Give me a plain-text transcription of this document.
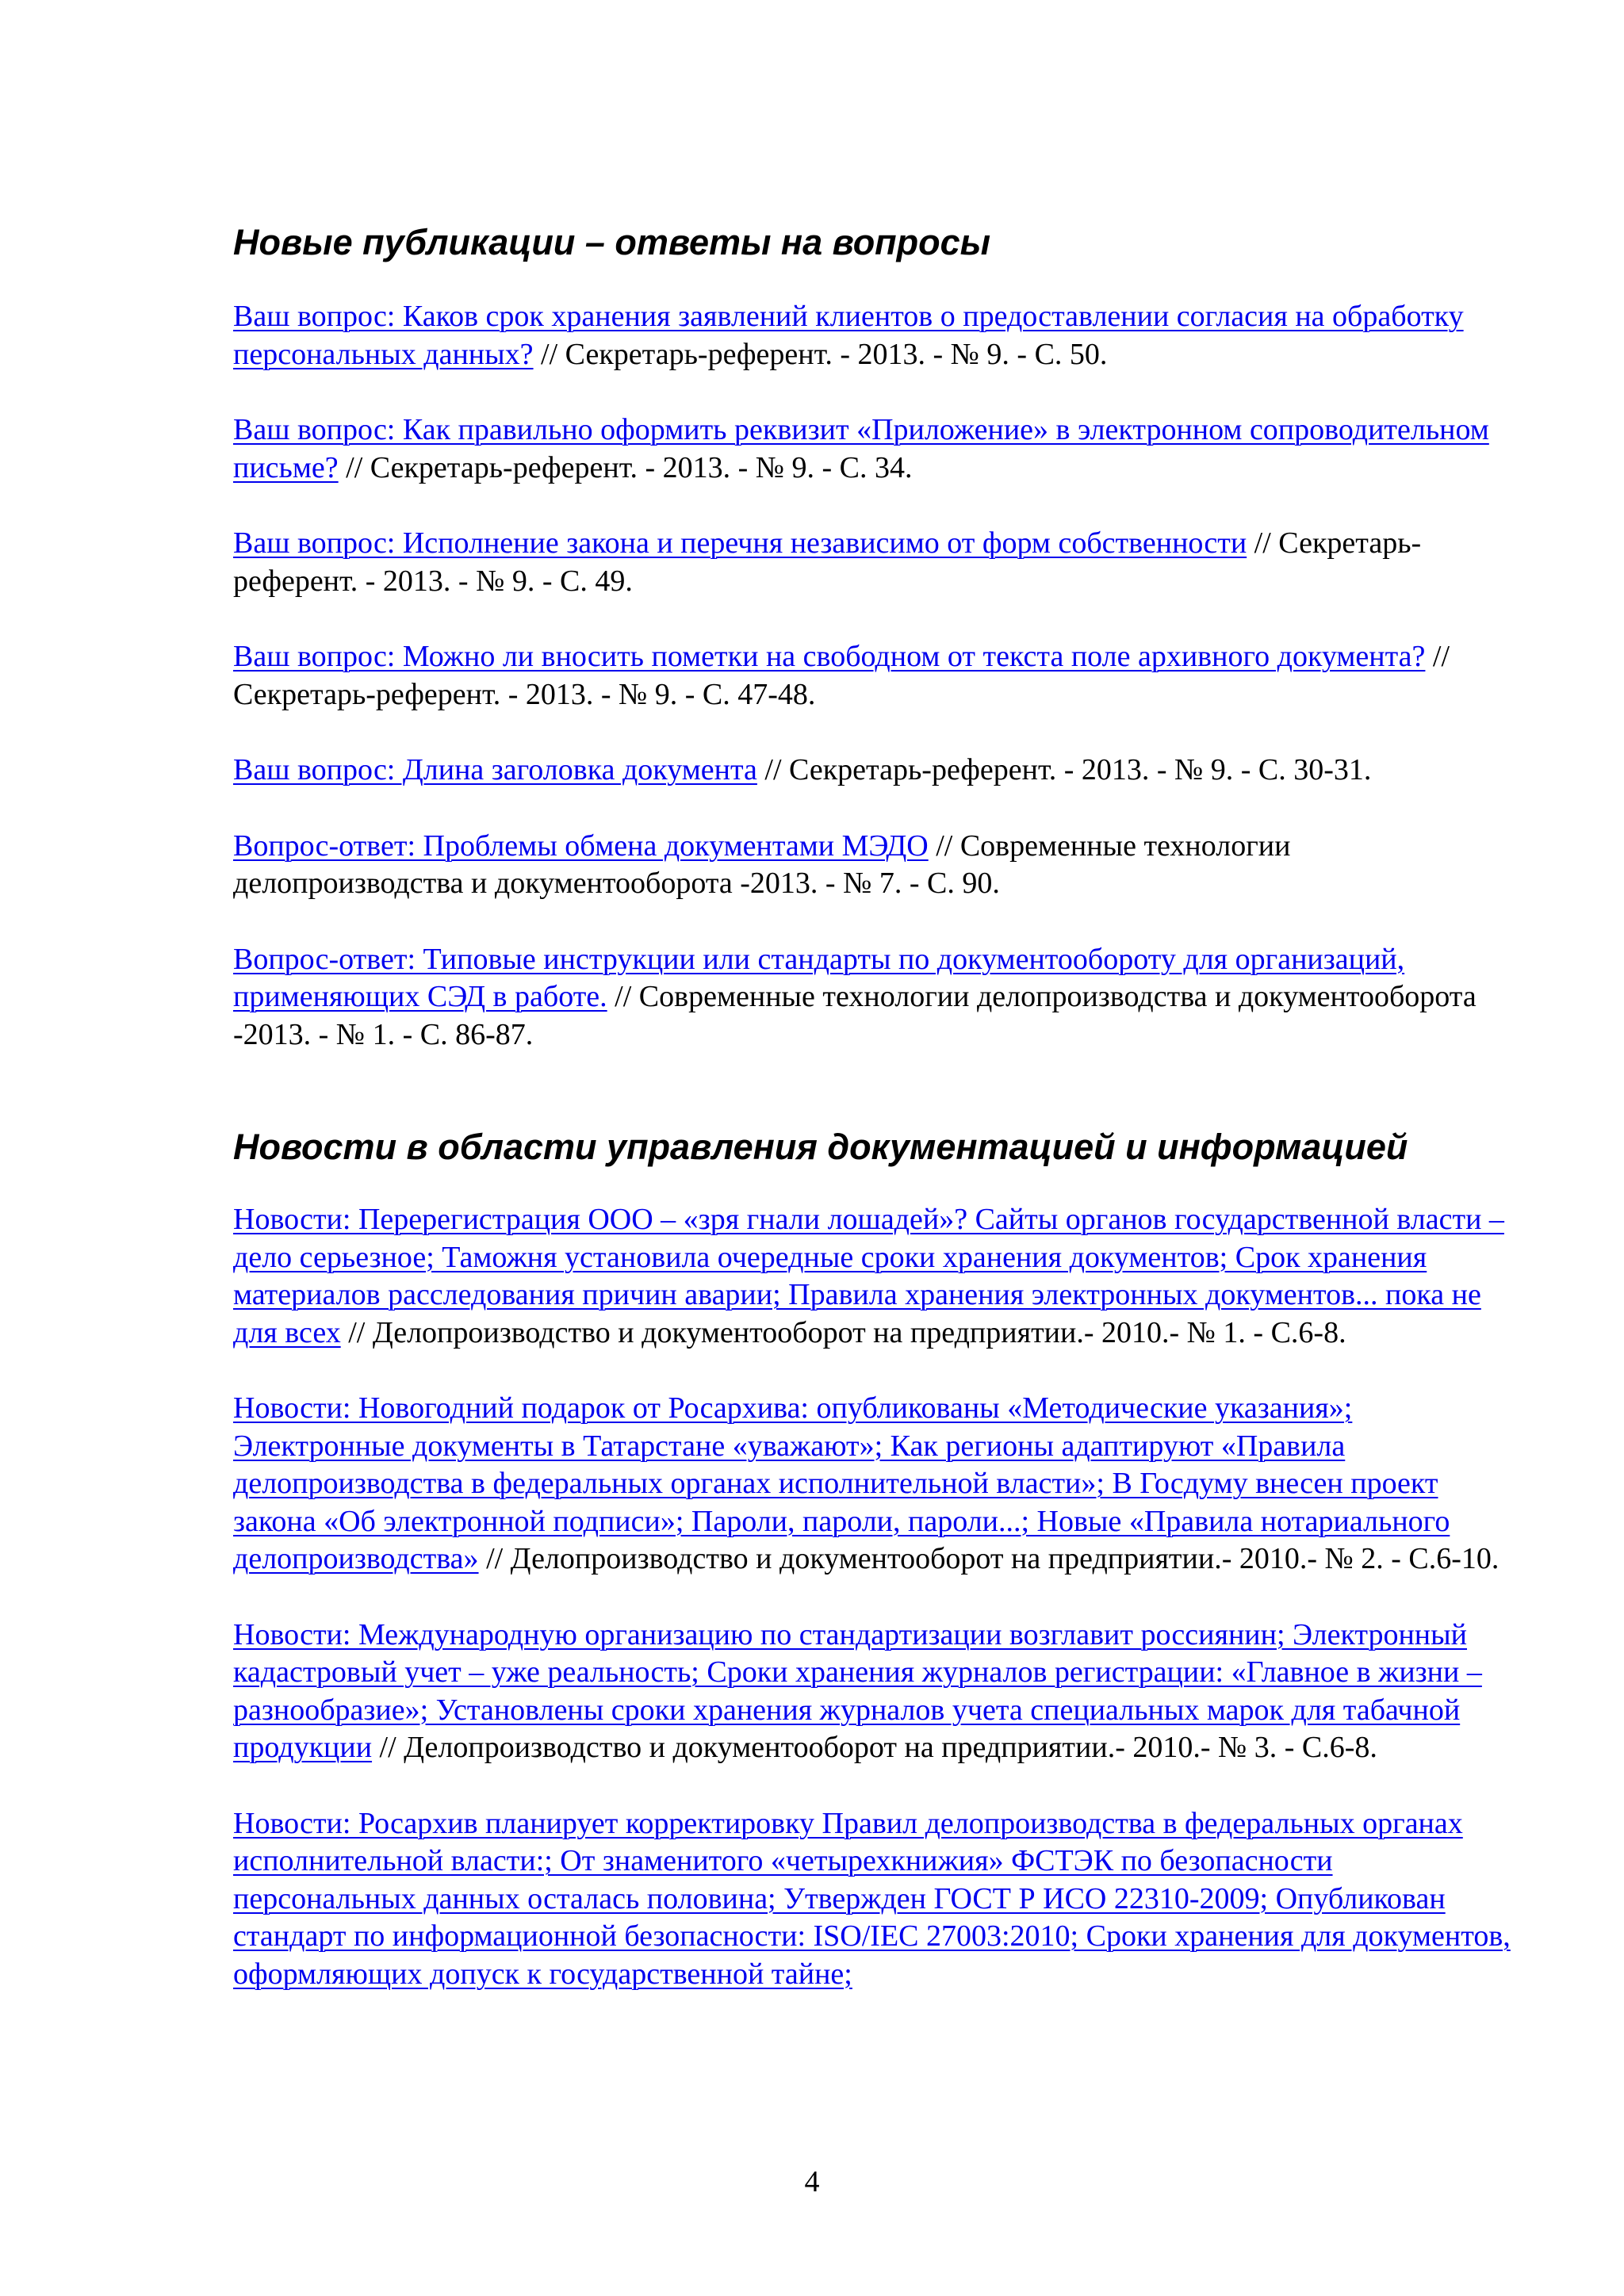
Новые публикации – ответы на вопросы

Ваш вопрос: Каков срок хранения заявлений клиентов о предоставлении согласия на обработку персональных данных? // Секретарь-референт. - 2013. - № 9. - С. 50.

Ваш вопрос: Как правильно оформить реквизит «Приложение» в электронном сопроводительном письме? // Секретарь-референт. - 2013. - № 9. - С. 34.

Ваш вопрос: Исполнение закона и перечня независимо от форм собственности // Секретарь-референт. - 2013. - № 9. - С. 49.

Ваш вопрос: Можно ли вносить пометки на свободном от текста поле архивного документа? // Секретарь-референт. - 2013. - № 9. - С. 47-48.

Ваш вопрос: Длина заголовка документа // Секретарь-референт. - 2013. - № 9. - С. 30-31.

Вопрос-ответ: Проблемы обмена документами МЭДО // Современные технологии делопроизводства и документооборота -2013. - № 7. - С. 90.

Вопрос-ответ: Типовые инструкции или стандарты по документообороту для организаций, применяющих СЭД в работе. // Современные технологии делопроизводства и документооборота -2013. - № 1. - С. 86-87.

Новости в области управления документацией и информацией

Новости: Перерегистрация ООО – «зря гнали лошадей»? Сайты органов государственной власти – дело серьезное; Таможня установила очередные сроки хранения документов; Срок хранения материалов расследования причин аварии; Правила хранения электронных документов... пока не для всех // Делопроизводство и документооборот на предприятии.- 2010.- № 1. - С.6-8.

Новости: Новогодний подарок от Росархива: опубликованы «Методические указания»; Электронные документы в Татарстане «уважают»; Как регионы адаптируют «Правила делопроизводства в федеральных органах исполнительной власти»; В Госдуму внесен проект закона «Об электронной подписи»; Пароли, пароли, пароли...; Новые «Правила нотариального делопроизводства» // Делопроизводство и документооборот на предприятии.- 2010.- № 2. - С.6-10.

Новости: Международную организацию по стандартизации возглавит россиянин; Электронный кадастровый учет – уже реальность; Сроки хранения журналов регистрации: «Главное в жизни – разнообразие»; Установлены сроки хранения журналов учета специальных марок для табачной продукции // Делопроизводство и документооборот на предприятии.- 2010.- № 3. - С.6-8.

Новости: Росархив планирует корректировку Правил делопроизводства в федеральных органах исполнительной власти:; От знаменитого «четырехкнижия» ФСТЭК по безопасности персональных данных осталась половина; Утвержден ГОСТ Р ИСО 22310-2009; Опубликован стандарт по информационной безопасности: ISO/IEC 27003:2010; Сроки хранения для документов, оформляющих допуск к государственной тайне;

4
